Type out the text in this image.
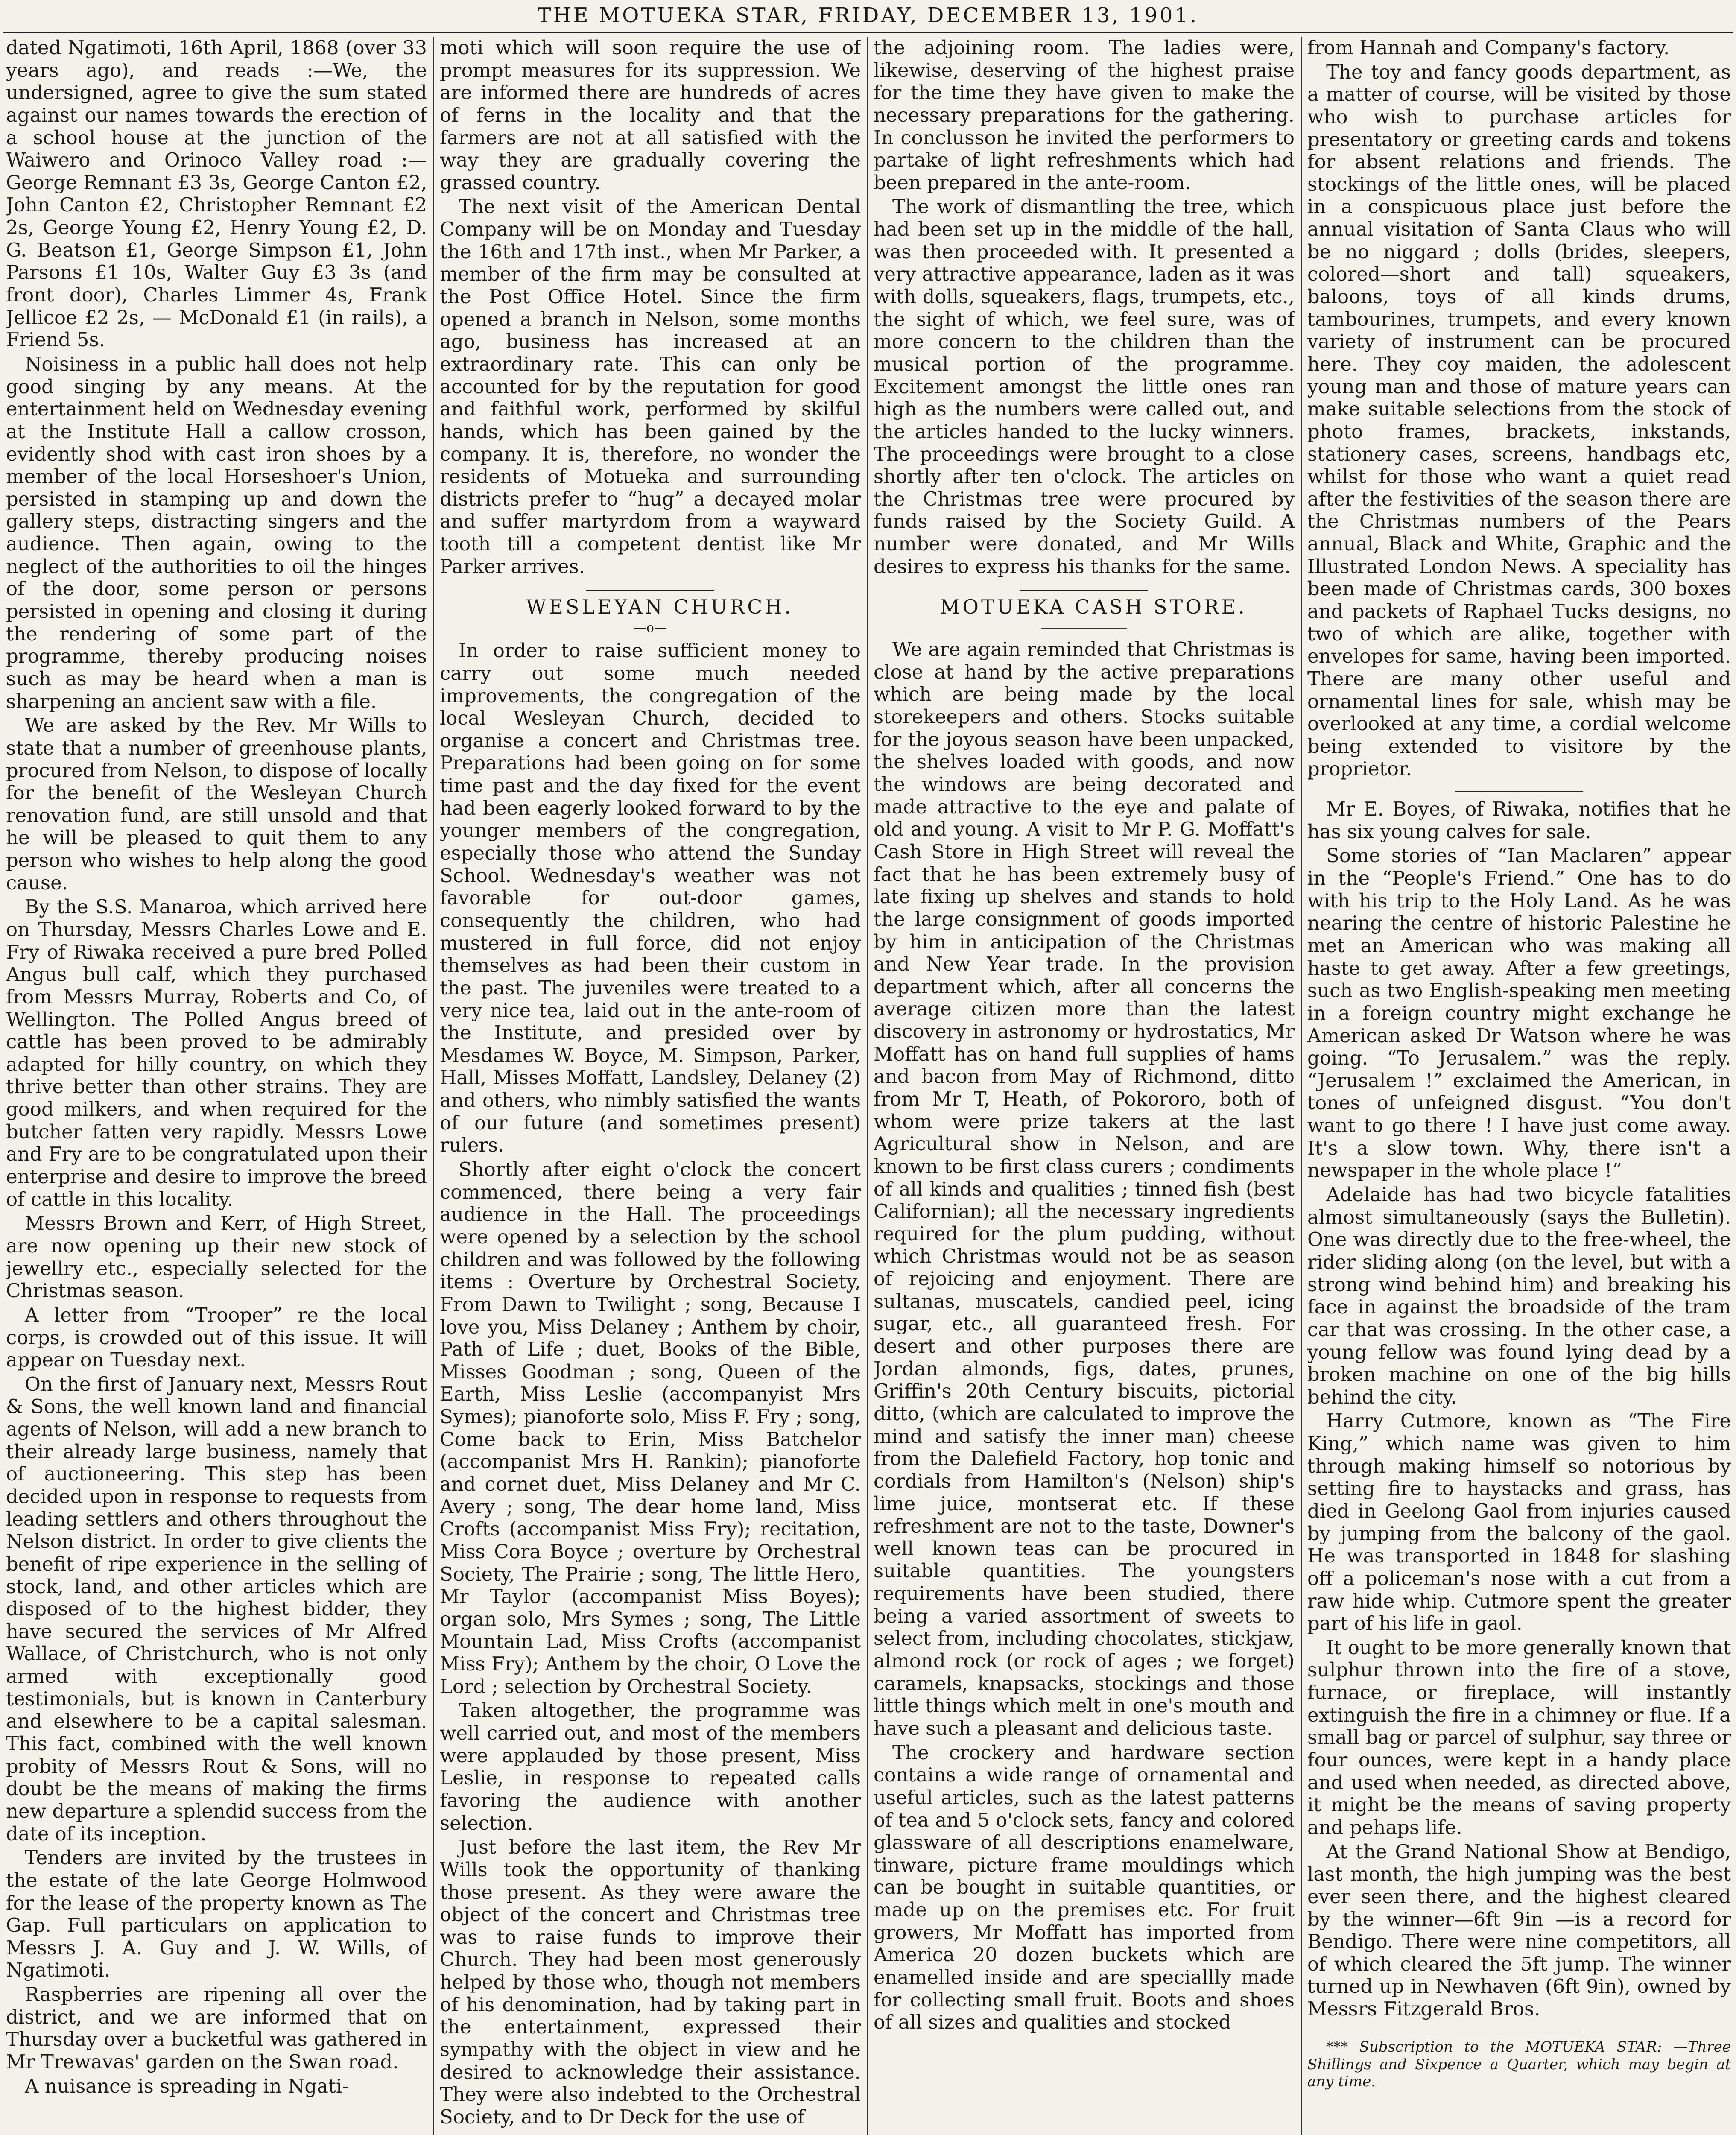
THE MOTUEKA STAR, FRIDAY, DECEMBER 13, 1901.

dated Ngatimoti, 16th April, 1868 (over 33 years ago), and reads :—We, the undersigned, agree to give the sum stated against our names towards the erection of a school house at the junction of the Waiwero and Orinoco Valley road :—George Remnant £3 3s, George Canton £2, John Canton £2, Christopher Remnant £2 2s, George Young £2, Henry Young £2, D. G. Beatson £1, George Simpson £1, John Parsons £1 10s, Walter Guy £3 3s (and front door), Charles Limmer 4s, Frank Jellicoe £2 2s, — McDonald £1 (in rails), a Friend 5s.

Noisiness in a public hall does not help good singing by any means. At the entertainment held on Wednesday evening at the Institute Hall a callow crosson, evidently shod with cast iron shoes by a member of the local Horseshoer's Union, persisted in stamping up and down the gallery steps, distracting singers and the audience. Then again, owing to the neglect of the authorities to oil the hinges of the door, some person or persons persisted in opening and closing it during the rendering of some part of the programme, thereby producing noises such as may be heard when a man is sharpening an ancient saw with a file.

We are asked by the Rev. Mr Wills to state that a number of greenhouse plants, procured from Nelson, to dispose of locally for the benefit of the Wesleyan Church renovation fund, are still unsold and that he will be pleased to quit them to any person who wishes to help along the good cause.

By the S.S. Manaroa, which arrived here on Thursday, Messrs Charles Lowe and E. Fry of Riwaka received a pure bred Polled Angus bull calf, which they purchased from Messrs Murray, Roberts and Co, of Wellington. The Polled Angus breed of cattle has been proved to be admirably adapted for hilly country, on which they thrive better than other strains. They are good milkers, and when required for the butcher fatten very rapidly. Messrs Lowe and Fry are to be congratulated upon their enterprise and desire to improve the breed of cattle in this locality.

Messrs Brown and Kerr, of High Street, are now opening up their new stock of jewellry etc., especially selected for the Christmas season.

A letter from “Trooper” re the local corps, is crowded out of this issue. It will appear on Tuesday next.

On the first of January next, Messrs Rout & Sons, the well known land and financial agents of Nelson, will add a new branch to their already large business, namely that of auctioneering. This step has been decided upon in response to requests from leading settlers and others throughout the Nelson district. In order to give clients the benefit of ripe experience in the selling of stock, land, and other articles which are disposed of to the highest bidder, they have secured the services of Mr Alfred Wallace, of Christchurch, who is not only armed with exceptionally good testimonials, but is known in Canterbury and elsewhere to be a capital salesman. This fact, combined with the well known probity of Messrs Rout & Sons, will no doubt be the means of making the firms new departure a splendid success from the date of its inception.

Tenders are invited by the trustees in the estate of the late George Holmwood for the lease of the property known as The Gap. Full particulars on application to Messrs J. A. Guy and J. W. Wills, of Ngatimoti.

Raspberries are ripening all over the district, and we are informed that on Thursday over a bucketful was gathered in Mr Trewavas' garden on the Swan road.

A nuisance is spreading in Ngati-

moti which will soon require the use of prompt measures for its suppression. We are informed there are hundreds of acres of ferns in the locality and that the farmers are not at all satisfied with the way they are gradually covering the grassed country.

The next visit of the American Dental Company will be on Monday and Tuesday the 16th and 17th inst., when Mr Parker, a member of the firm may be consulted at the Post Office Hotel. Since the firm opened a branch in Nelson, some months ago, business has increased at an extraordinary rate. This can only be accounted for by the reputation for good and faithful work, performed by skilful hands, which has been gained by the company. It is, therefore, no wonder the residents of Motueka and surrounding districts prefer to “hug” a decayed molar and suffer martyrdom from a wayward tooth till a competent dentist like Mr Parker arrives.

WESLEYAN CHURCH.

—o—

In order to raise sufficient money to carry out some much needed improvements, the congregation of the local Wesleyan Church, decided to organise a concert and Christmas tree. Preparations had been going on for some time past and the day fixed for the event had been eagerly looked forward to by the younger members of the congregation, especially those who attend the Sunday School. Wednesday's weather was not favorable for out-door games, consequently the children, who had mustered in full force, did not enjoy themselves as had been their custom in the past. The juveniles were treated to a very nice tea, laid out in the ante-room of the Institute, and presided over by Mesdames W. Boyce, M. Simpson, Parker, Hall, Misses Moffatt, Landsley, Delaney (2) and others, who nimbly satisfied the wants of our future (and sometimes present) rulers.

Shortly after eight o'clock the concert commenced, there being a very fair audience in the Hall. The proceedings were opened by a selection by the school children and was followed by the following items : Overture by Orchestral Society, From Dawn to Twilight ; song, Because I love you, Miss Delaney ; Anthem by choir, Path of Life ; duet, Books of the Bible, Misses Goodman ; song, Queen of the Earth, Miss Leslie (accompanyist Mrs Symes); pianoforte solo, Miss F. Fry ; song, Come back to Erin, Miss Batchelor (accompanist Mrs H. Rankin); pianoforte and cornet duet, Miss Delaney and Mr C. Avery ; song, The dear home land, Miss Crofts (accompanist Miss Fry); recitation, Miss Cora Boyce ; overture by Orchestral Society, The Prairie ; song, The little Hero, Mr Taylor (accompanist Miss Boyes); organ solo, Mrs Symes ; song, The Little Mountain Lad, Miss Crofts (accompanist Miss Fry); Anthem by the choir, O Love the Lord ; selection by Orchestral Society.

Taken altogether, the programme was well carried out, and most of the members were applauded by those present, Miss Leslie, in response to repeated calls favoring the audience with another selection.

Just before the last item, the Rev Mr Wills took the opportunity of thanking those present. As they were aware the object of the concert and Christmas tree was to raise funds to improve their Church. They had been most generously helped by those who, though not members of his denomination, had by taking part in the entertainment, expressed their sympathy with the object in view and he desired to acknowledge their assistance. They were also indebted to the Orchestral Society, and to Dr Deck for the use of

the adjoining room. The ladies were, likewise, deserving of the highest praise for the time they have given to make the necessary preparations for the gathering. In conclusson he invited the performers to partake of light refreshments which had been prepared in the ante-room.

The work of dismantling the tree, which had been set up in the middle of the hall, was then proceeded with. It presented a very attractive appearance, laden as it was with dolls, squeakers, flags, trumpets, etc., the sight of which, we feel sure, was of more concern to the children than the musical portion of the programme. Excitement amongst the little ones ran high as the numbers were called out, and the articles handed to the lucky winners. The proceedings were brought to a close shortly after ten o'clock. The articles on the Christmas tree were procured by funds raised by the Society Guild. A number were donated, and Mr Wills desires to express his thanks for the same.

MOTUEKA CASH STORE.

We are again reminded that Christmas is close at hand by the active preparations which are being made by the local storekeepers and others. Stocks suitable for the joyous season have been unpacked, the shelves loaded with goods, and now the windows are being decorated and made attractive to the eye and palate of old and young. A visit to Mr P. G. Moffatt's Cash Store in High Street will reveal the fact that he has been extremely busy of late fixing up shelves and stands to hold the large consignment of goods imported by him in anticipation of the Christmas and New Year trade. In the provision department which, after all concerns the average citizen more than the latest discovery in astronomy or hydrostatics, Mr Moffatt has on hand full supplies of hams and bacon from May of Richmond, ditto from Mr T, Heath, of Pokororo, both of whom were prize takers at the last Agricultural show in Nelson, and are known to be first class curers ; condiments of all kinds and qualities ; tinned fish (best Californian); all the necessary ingredients required for the plum pudding, without which Christmas would not be as season of rejoicing and enjoyment. There are sultanas, muscatels, candied peel, icing sugar, etc., all guaranteed fresh. For desert and other purposes there are Jordan almonds, figs, dates, prunes, Griffin's 20th Century biscuits, pictorial ditto, (which are calculated to improve the mind and satisfy the inner man) cheese from the Dalefield Factory, hop tonic and cordials from Hamilton's (Nelson) ship's lime juice, montserat etc. If these refreshment are not to the taste, Downer's well known teas can be procured in suitable quantities. The youngsters requirements have been studied, there being a varied assortment of sweets to select from, including chocolates, stickjaw, almond rock (or rock of ages ; we forget) caramels, knapsacks, stockings and those little things which melt in one's mouth and have such a pleasant and delicious taste.

The crockery and hardware section contains a wide range of ornamental and useful articles, such as the latest patterns of tea and 5 o'clock sets, fancy and colored glassware of all descriptions enamelware, tinware, picture frame mouldings which can be bought in suitable quantities, or made up on the premises etc. For fruit growers, Mr Moffatt has imported from America 20 dozen buckets which are enamelled inside and are speciallly made for collecting small fruit. Boots and shoes of all sizes and qualities and stocked

from Hannah and Company's factory.

The toy and fancy goods department, as a matter of course, will be visited by those who wish to purchase articles for presentatory or greeting cards and tokens for absent relations and friends. The stockings of the little ones, will be placed in a conspicuous place just before the annual visitation of Santa Claus who will be no niggard ; dolls (brides, sleepers, colored—short and tall) squeakers, baloons, toys of all kinds drums, tambourines, trumpets, and every known variety of instrument can be procured here. They coy maiden, the adolescent young man and those of mature years can make suitable selections from the stock of photo frames, brackets, inkstands, stationery cases, screens, handbags etc, whilst for those who want a quiet read after the festivities of the season there are the Christmas numbers of the Pears annual, Black and White, Graphic and the Illustrated London News. A speciality has been made of Christmas cards, 300 boxes and packets of Raphael Tucks designs, no two of which are alike, together with envelopes for same, having been imported. There are many other useful and ornamental lines for sale, whish may be overlooked at any time, a cordial welcome being extended to visitore by the proprietor.

Mr E. Boyes, of Riwaka, notifies that he has six young calves for sale.

Some stories of “Ian Maclaren” appear in the “People's Friend.” One has to do with his trip to the Holy Land. As he was nearing the centre of historic Palestine he met an American who was making all haste to get away. After a few greetings, such as two English-speaking men meeting in a foreign country might exchange he American asked Dr Watson where he was going. “To Jerusalem.” was the reply. “Jerusalem !” exclaimed the American, in tones of unfeigned disgust. “You don't want to go there ! I have just come away. It's a slow town. Why, there isn't a newspaper in the whole place !”

Adelaide has had two bicycle fatalities almost simultaneously (says the Bulletin). One was directly due to the free-wheel, the rider sliding along (on the level, but with a strong wind behind him) and breaking his face in against the broadside of the tram car that was crossing. In the other case, a young fellow was found lying dead by a broken machine on one of the big hills behind the city.

Harry Cutmore, known as “The Fire King,” which name was given to him through making himself so notorious by setting fire to haystacks and grass, has died in Geelong Gaol from injuries caused by jumping from the balcony of the gaol. He was transported in 1848 for slashing off a policeman's nose with a cut from a raw hide whip. Cutmore spent the greater part of his life in gaol.

It ought to be more generally known that sulphur thrown into the fire of a stove, furnace, or fireplace, will instantly extinguish the fire in a chimney or flue. If a small bag or parcel of sulphur, say three or four ounces, were kept in a handy place and used when needed, as directed above, it might be the means of saving property and pehaps life.

At the Grand National Show at Bendigo, last month, the high jumping was the best ever seen there, and the highest cleared by the winner—6ft 9in —is a record for Bendigo. There were nine competitors, all of which cleared the 5ft jump. The winner turned up in Newhaven (6ft 9in), owned by Messrs Fitzgerald Bros.

*** Subscription to the MOTUEKA STAR: —Three Shillings and Sixpence a Quarter, which may begin at any time.
